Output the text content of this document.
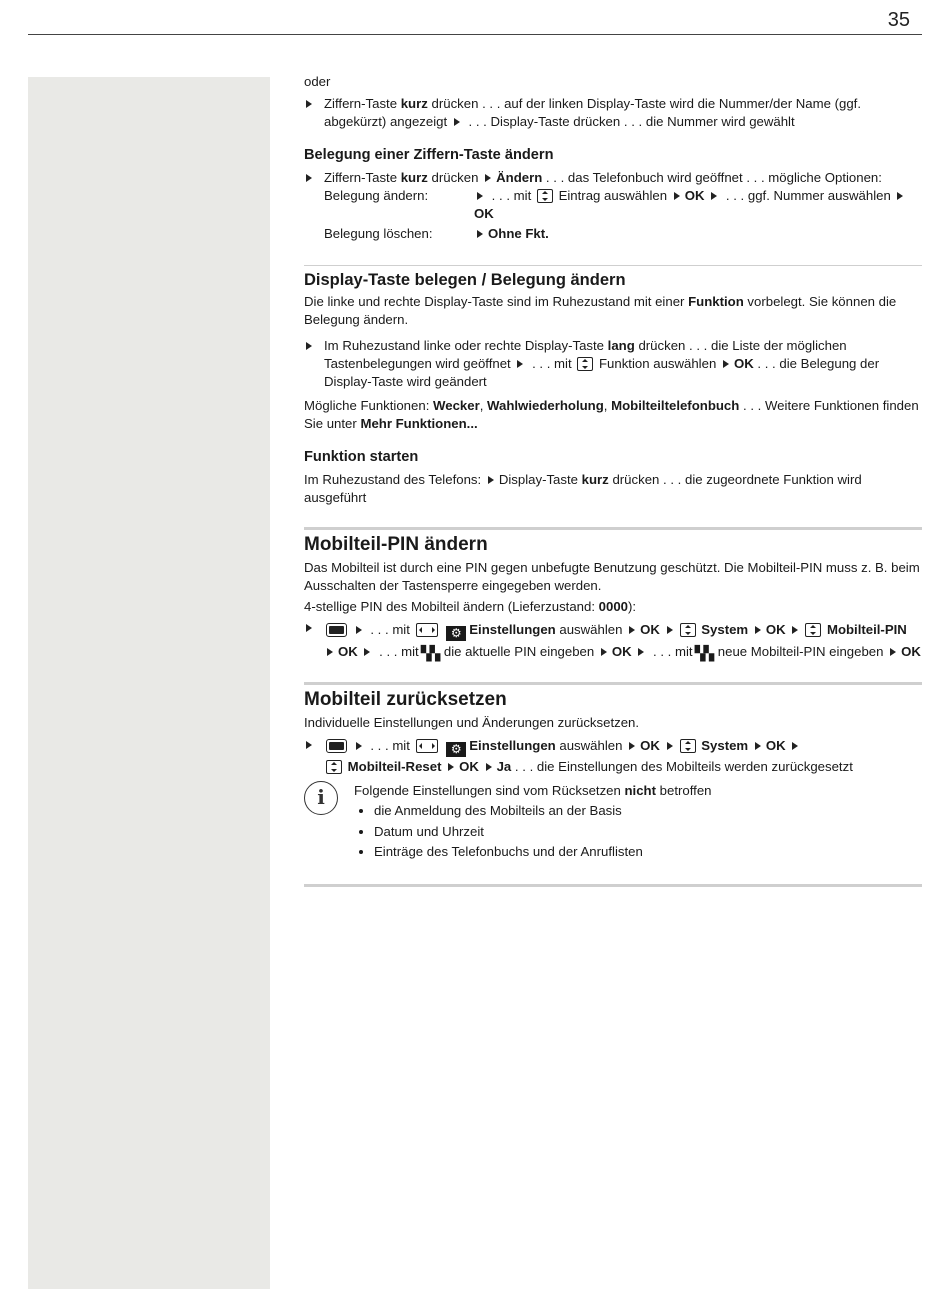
35

oder

Ziffern-Taste kurz drücken . . . auf der linken Display-Taste wird die Nummer/der Name (ggf. abgekürzt) angezeigt  . . . Display-Taste drücken . . . die Nummer wird gewählt
Belegung einer Ziffern-Taste ändern
Ziffern-Taste kurz drücken Ändern . . . das Telefonbuch wird geöffnet . . . mögliche Optionen:
Belegung ändern:	. . . mit Eintrag auswählen OK  . . . ggf. Nummer auswählen OK
Belegung löschen:	Ohne Fkt.
Display-Taste belegen / Belegung ändern

Die linke und rechte Display-Taste sind im Ruhezustand mit einer Funktion vorbelegt. Sie können die Belegung ändern.

Im Ruhezustand linke oder rechte Display-Taste lang drücken . . . die Liste der möglichen Tastenbelegungen wird geöffnet  . . . mit Funktion auswählen OK . . . die Belegung der Display-Taste wird geändert

Mögliche Funktionen: Wecker, Wahlwiederholung, Mobilteiltelefonbuch . . . Weitere Funktionen finden Sie unter Mehr Funktionen...

Funktion starten

Im Ruhezustand des Telefons: Display-Taste kurz drücken . . . die zugeordnete Funktion wird ausgeführt

Mobilteil-PIN ändern

Das Mobilteil ist durch eine PIN gegen unbefugte Benutzung geschützt. Die Mobilteil-PIN muss z. B. beim Ausschalten der Tastensperre eingegeben werden.

4-stellige PIN des Mobilteil ändern (Lieferzustand: 0000):

. . . mit	⚙ Einstellungen auswählen OK	System OK	Mobilteil-PIN OK  . . . mit ▚▚ die aktuelle PIN eingeben OK  . . . mit ▚▚ neue Mobilteil-PIN eingeben OK
Mobilteil zurücksetzen

Individuelle Einstellungen und Änderungen zurücksetzen.

. . . mit	⚙ Einstellungen auswählen OK	System OK
Mobilteil-Reset OK Ja . . . die Einstellungen des Mobilteils werden zurückgesetzt
i	Folgende Einstellungen sind vom Rücksetzen nicht betroffen

• die Anmeldung des Mobilteils an der Basis
• Datum und Uhrzeit
• Einträge des Telefonbuchs und der Anruflisten
